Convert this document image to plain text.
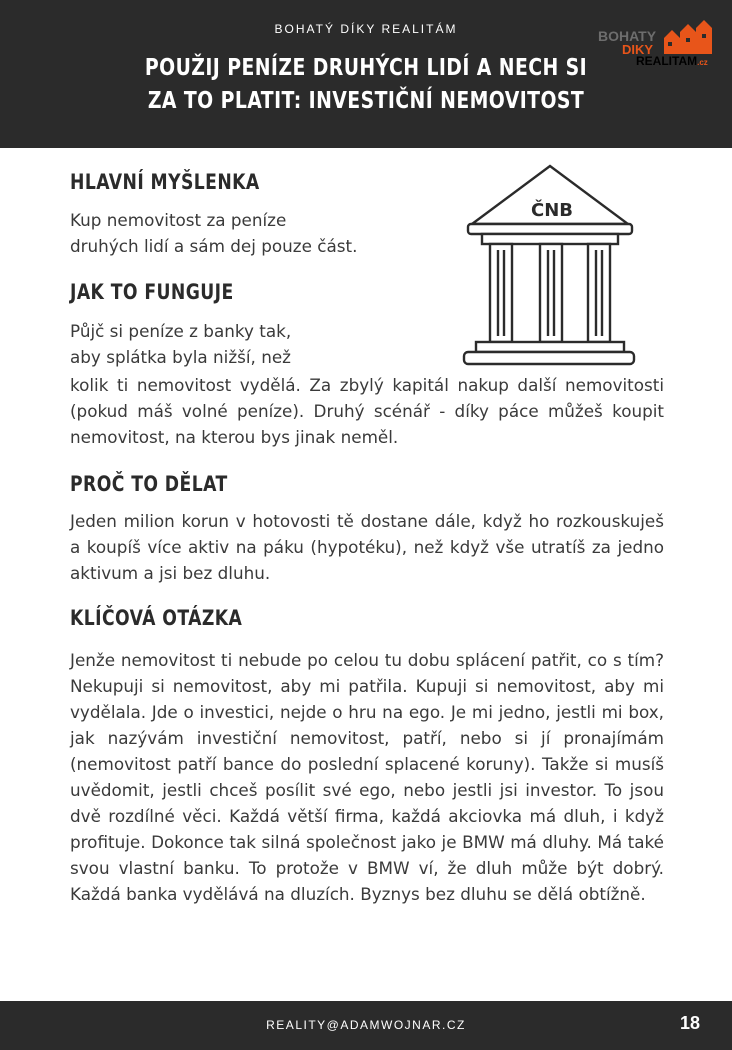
BOHATÝ DÍKY REALITÁM
POUŽIJ PENÍZE DRUHÝCH LIDÍ A NECH SI
ZA TO PLATIT: INVESTIČNÍ NEMOVITOST
BOHATY
DIKY
REALITAM.cz
ČNB
HLAVNÍ MYŠLENKA

Kup nemovitost za peníze

druhých lidí a sám dej pouze část.

JAK TO FUNGUJE

Půjč si peníze z banky tak,

aby splátka byla nižší, než

kolik ti nemovitost vydělá. Za zbylý kapitál nakup další nemovitosti (pokud máš volné peníze). Druhý scénář - díky páce můžeš koupit nemovitost, na kterou bys jinak neměl.

PROČ TO DĚLAT

Jeden milion korun v hotovosti tě dostane dále, když ho rozkouskuješ a koupíš více aktiv na páku (hypotéku), než když vše utratíš za jedno aktivum a jsi bez dluhu.

KLÍČOVÁ OTÁZKA

Jenže nemovitost ti nebude po celou tu dobu splácení patřit, co s tím? Nekupuji si nemovitost, aby mi patřila. Kupuji si nemovitost, aby mi vydělala. Jde o investici, nejde o hru na ego. Je mi jedno, jestli mi box, jak nazývám investiční nemovitost, patří, nebo si jí pronajímám (nemovitost patří bance do poslední splacené koruny). Takže si musíš uvědomit, jestli chceš posílit své ego, nebo jestli jsi investor. To jsou dvě rozdílné věci. Každá větší firma, každá akciovka má dluh, i když profituje. Dokonce tak silná společnost jako je BMW má dluhy. Má také svou vlastní banku. To protože v BMW ví, že dluh může být dobrý. Každá banka vydělává na dluzích. Byznys bez dluhu se dělá obtížně.

REALITY@ADAMWOJNAR.CZ	18
